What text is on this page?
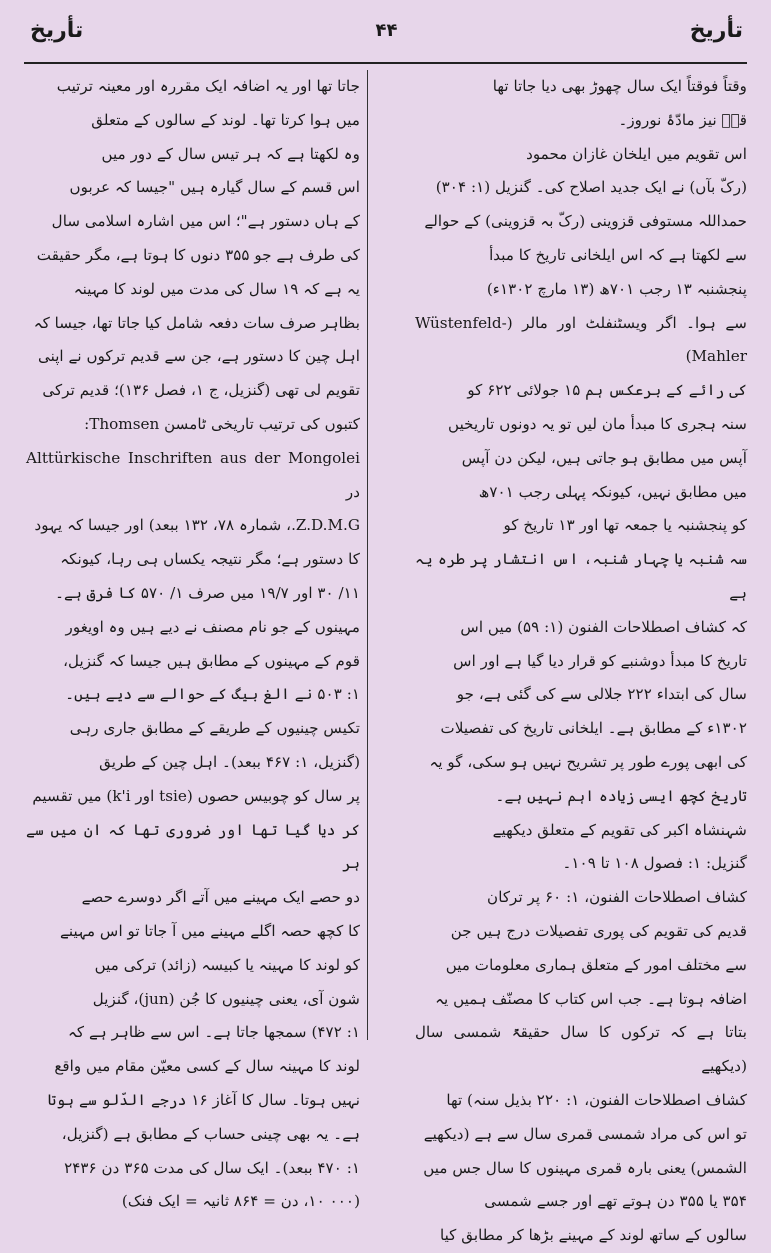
تأریخ
۴۴
تأریخ

وقتاً فوقتاً ایک سال چھوڑ بھی دیا جاتا تھا

قبؐ نیز مادّۂ نوروز۔

اس تقویم میں ایلخان غازان محمود

(رکّ بآں) نے ایک جدید اصلاح کی۔ گنزیل (۱: ۳۰۴)

حمداللہ مستوفی قزوینی (رکّ بہ قزوینی) کے حوالے

سے لکھتا ہے کہ اس ایلخانی تاریخ کا مبدأ

پنجشنبہ ۱۳ رجب ۷۰۱ھ (۱۳ مارچ ۱۳۰۲ء)

سے ہوا۔ اگر ویسٹنفلٹ اور مالر (Wüstenfeld-Mahler)

کی رائے کے برعکس ہم ۱۵ جولائی ۶۲۲ کو

سنہ ہجری کا مبدأ مان لیں تو یہ دونوں تاریخیں

آپس میں مطابق ہو جاتی ہیں، لیکن دن آپس

میں مطابق نہیں، کیونکہ پہلی رجب ۷۰۱ھ

کو پنجشنبہ یا جمعہ تھا اور ۱۳ تاریخ کو

سہ شنبہ یا چہار شنبہ، اس انتشار پر طرہ یہ ہے

کہ کشاف اصطلاحات الفنون (۱: ۵۹) میں اس

تاریخ کا مبدأ دوشنبے کو قرار دیا گیا ہے اور اس

سال کی ابتداء ۲۲۲ جلالی سے کی گئی ہے، جو

۱۳۰۲ء کے مطابق ہے۔ ایلخانی تاریخ کی تفصیلات

کی ابھی پورے طور پر تشریح نہیں ہو سکی، گو یہ

تاریخ کچھ ایسی زیادہ اہم نہیں ہے۔

شہنشاہ اکبر کی تقویم کے متعلق دیکھیے

گنزیل: ۱: فصول ۱۰۸ تا ۱۰۹۔

کشاف اصطلاحات الفنون، ۱: ۶۰ پر ترکان

قدیم کی تقویم کی پوری تفصیلات درج ہیں جن

سے مختلف امور کے متعلق ہماری معلومات میں

اضافہ ہوتا ہے۔ جب اس کتاب کا مصنّف ہمیں یہ

بتاتا ہے کہ ترکوں کا سال حقیقۃً شمسی سال (دیکھیے

کشاف اصطلاحات الفنون، ۱: ۲۲۰ بذیل سنہ) تھا

تو اس کی مراد شمسی قمری سال سے ہے (دیکھیے

الشمس) یعنی بارہ قمری مہینوں کا سال جس میں

۳۵۴ یا ۳۵۵ دن ہوتے تھے اور جسے شمسی

سالوں کے ساتھ لوند کے مہینے بڑھا کر مطابق کیا

جاتا تھا اور یہ اضافہ ایک مقررہ اور معینہ ترتیب

میں ہوا کرتا تھا۔ لوند کے سالوں کے متعلق

وہ لکھتا ہے کہ ہر تیس سال کے دور میں

اس قسم کے سال گیارہ ہیں "جیسا کہ عربوں

کے ہاں دستور ہے"؛ اس میں اشارہ اسلامی سال

کی طرف ہے جو ۳۵۵ دنوں کا ہوتا ہے، مگر حقیقت

یہ ہے کہ ۱۹ سال کی مدت میں لوند کا مہینہ

بظاہر صرف سات دفعہ شامل کیا جاتا تھا، جیسا کہ

اہل چین کا دستور ہے، جن سے قدیم ترکوں نے اپنی

تقویم لی تھی (گنزیل، ج ۱، فصل ۱۳۶)؛ قدیم ترکی

کتبوں کی ترتیب تاریخی ٹامسن Thomsen:

Alttürkische Inschriften aus der Mongolei در

Z.D.M.G.، شمارہ ۷۸، ۱۳۲ ببعد) اور جیسا کہ یہود

کا دستور ہے؛ مگر نتیجہ یکساں ہی رہا، کیونکہ

۱۱/ ۳۰ اور ۱۹/۷ میں صرف ۱/ ۵۷۰ کا فرق ہے۔

مہینوں کے جو نام مصنف نے دیے ہیں وہ اویغور

قوم کے مہینوں کے مطابق ہیں جیسا کہ گنزیل،

۱: ۵۰۳ نے الغ بیگ کے حوالے سے دیے ہیں۔

تکیس چینیوں کے طریقے کے مطابق جاری رہی

(گنزیل، ۱: ۴۶۷ ببعد)۔ اہل چین کے طریق

پر سال کو چوبیس حصوں (tsie اور k'i) میں تقسیم

کر دیا گیا تھا اور ضروری تھا کہ ان میں سے ہر

دو حصے ایک مہینے میں آتے اگر دوسرے حصے

کا کچھ حصہ اگلے مہینے میں آ جاتا تو اس مہینے

کو لوند کا مہینہ یا کبیسہ (زائد) ترکی میں

شون آی، یعنی چینیوں کا جُن (jun)، گنزیل

۱: ۴۷۲) سمجھا جاتا ہے۔ اس سے ظاہر ہے کہ

لوند کا مہینہ سال کے کسی معیّن مقام میں واقع

نہیں ہوتا۔ سال کا آغاز ۱۶ درجے الدّلو سے ہوتا

ہے۔ یہ بھی چینی حساب کے مطابق ہے (گنزیل،

۱: ۴۷۰ ببعد)۔ ایک سال کی مدت ۳۶۵ دن ۲۴۳۶

(۰۰۰ ۱۰، دن = ۸۶۴ ثانیہ = ایک فنک)
